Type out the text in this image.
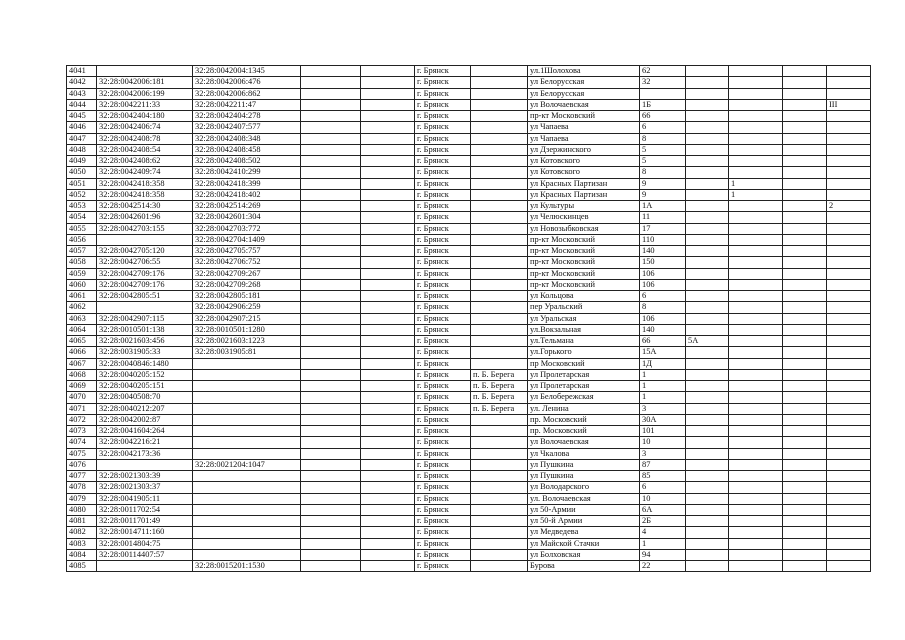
4041		32:28:0042004:1345			г. Брянск		ул.1Шолохова	62				
4042	32:28:0042006:181	32:28:0042006:476			г. Брянск		ул Белорусская	32				
4043	32:28:0042006:199	32:28:0042006:862			г. Брянск		ул Белорусская					
4044	32:28:0042211:33	32:28:0042211:47			г. Брянск		ул Волочаевская	1Б				III
4045	32:28:0042404:180	32:28:0042404:278			г. Брянск		пр-кт Московский	66				
4046	32:28:0042406:74	32:28:0042407:577			г. Брянск		ул Чапаева	6				
4047	32:28:0042408:78	32:28:0042408:348			г. Брянск		ул Чапаева	8				
4048	32:28:0042408:54	32:28:0042408:458			г. Брянск		ул Дзержинского	5				
4049	32:28:0042408:62	32:28:0042408:502			г. Брянск		ул Котовского	5				
4050	32:28:0042409:74	32:28:0042410:299			г. Брянск		ул Котовского	8				
4051	32:28:0042418:358	32:28:0042418:399			г. Брянск		ул Красных Партизан	9		1		
4052	32:28:0042418:358	32:28:0042418:402			г. Брянск		ул Красных Партизан	9		1		
4053	32:28:0042514:30	32:28:0042514:269			г. Брянск		ул Культуры	1А				2
4054	32:28:0042601:96	32:28:0042601:304			г. Брянск		ул Челюскинцев	11				
4055	32:28:0042703:155	32:28:0042703:772			г. Брянск		ул Новозыбковская	17				
4056		32:28:0042704:1409			г. Брянск		пр-кт Московский	110				
4057	32:28:0042705:120	32:28:0042705:757			г. Брянск		пр-кт Московский	140				
4058	32:28:0042706:55	32:28:0042706:752			г. Брянск		пр-кт Московский	150				
4059	32:28:0042709:176	32:28:0042709:267			г. Брянск		пр-кт Московский	106				
4060	32:28:0042709:176	32:28:0042709:268			г. Брянск		пр-кт Московский	106				
4061	32:28:0042805:51	32:28:0042805:181			г. Брянск		ул Кольцова	6				
4062		32:28:0042906:259			г. Брянск		пер Уральский	8				
4063	32:28:0042907:115	32:28:0042907:215			г. Брянск		ул Уральская	106				
4064	32:28:0010501:138	32:28:0010501:1280			г. Брянск		ул.Вокзальная	140				
4065	32:28:0021603:456	32:28:0021603:1223			г. Брянск		ул.Тельмана	66	5А			
4066	32:28:0031905:33	32:28:0031905:81			г. Брянск		ул.Горького	15А				
4067	32:28:0040846:1480				г. Брянск		пр Московский	1Д				
4068	32:28:0040205:152				г. Брянск	п. Б. Берега	ул Пролетарская	1				
4069	32:28:0040205:151				г. Брянск	п. Б. Берега	ул Пролетарская	1				
4070	32:28:0040508:70				г. Брянск	п. Б. Берега	ул Белобережская	1				
4071	32:28:0040212:207				г. Брянск	п. Б. Берега	ул. Ленина	3				
4072	32:28:0042002:87				г. Брянск		пр. Московский	30А				
4073	32:28:0041604:264				г. Брянск		пр. Московский	101				
4074	32:28:0042216:21				г. Брянск		ул Волочаевская	10				
4075	32:28:0042173:36				г. Брянск		ул Чкалова	3				
4076		32:28:0021204:1047			г. Брянск		ул Пушкина	87				
4077	32:28:0021303:39				г. Брянск		ул Пушкина	85				
4078	32:28:0021303:37				г. Брянск		ул Володарского	6				
4079	32:28:0041905:11				г. Брянск		ул. Волочаевская	10				
4080	32:28:0011702:54				г. Брянск		ул 50-Армии	6А				
4081	32:28:0011701:49				г. Брянск		ул 50-й Армии	2Б				
4082	32:28:0014711:160				г. Брянск		ул Медведева	4				
4083	32:28:0014804:75				г. Брянск		ул Майской Стачки	1				
4084	32:28:00114407:57				г. Брянск		ул Болховская	94				
4085		32:28:0015201:1530			г. Брянск		Бурова	22				
